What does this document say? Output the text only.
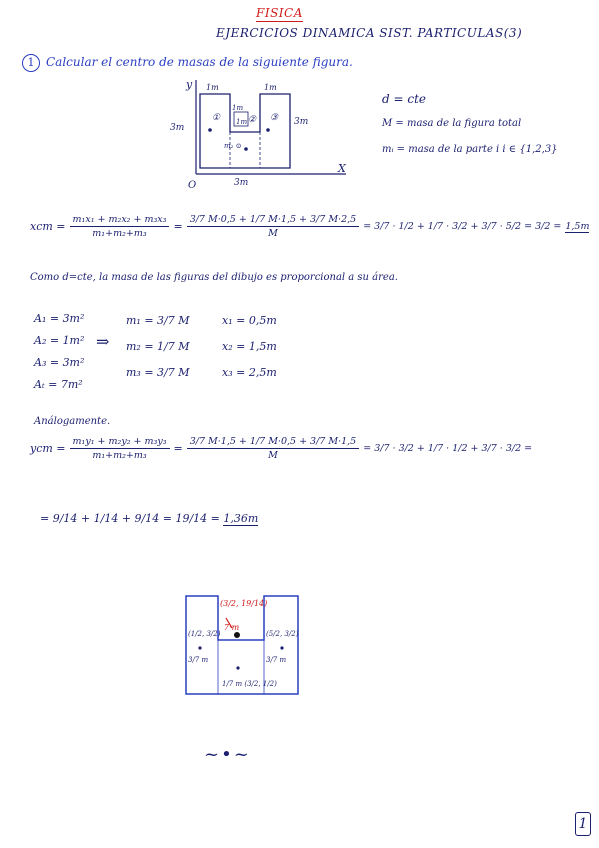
FISICA
EJERCICIOS DINAMICA SIST. PARTICULAS(3)
1 Calcular el centro de masas de la siguiente figura.
y
X
O
1m	1m
1m
1m
3m
3m
3m
①	② ③
m₂ ⊙
d = cte
M = masa de la figura total
mᵢ = masa de la parte i i ∈ {1,2,3}
xcm = $\frac{\text{m₁x₁ + m₂x₂ + m₃x₃}}{\text{m₁+m₂+m₃}} = \frac{3/7 M\cdot 0,5 + 1/7 M\cdot 1,5 + 3/7 M\cdot 2,5}{M} = 3/7 \cdot 1/2 + 1/7 \cdot 3/2 + 3/7 \cdot 5/2 = 3/2 = 1,5m$
Como d=cte, la masa de las figuras del dibujo es proporcional a su área.
A₁ = 3m²
A₂ = 1m²
A₃ = 3m²
Aₜ = 7m²
⇒
m₁ = 3/7 M
m₂ = 1/7 M
m₃ = 3/7 M
x₁ = 0,5m
x₂ = 1,5m
x₃ = 2,5m
Análogamente.
ycm = $\frac{\text{m₁y₁ + m₂y₂ + m₃y₃}}{\text{m₁+m₂+m₃}} = \frac{3/7 M\cdot 1,5 + 1/7 M\cdot 0,5 + 3/7 M\cdot 1,5}{M} = 3/7 \cdot 3/2 + 1/7 \cdot 1/2 + 3/7 \cdot 3/2$ =
= 9/14 + 1/14 + 9/14 = 19/14 = 1,36m
(3/2, 19/14)
7·m
(1/2, 3/2)
3/7 m
(5/2, 3/2)
3/7 m
1/7 m (3/2, 1/2)
~•~
1
